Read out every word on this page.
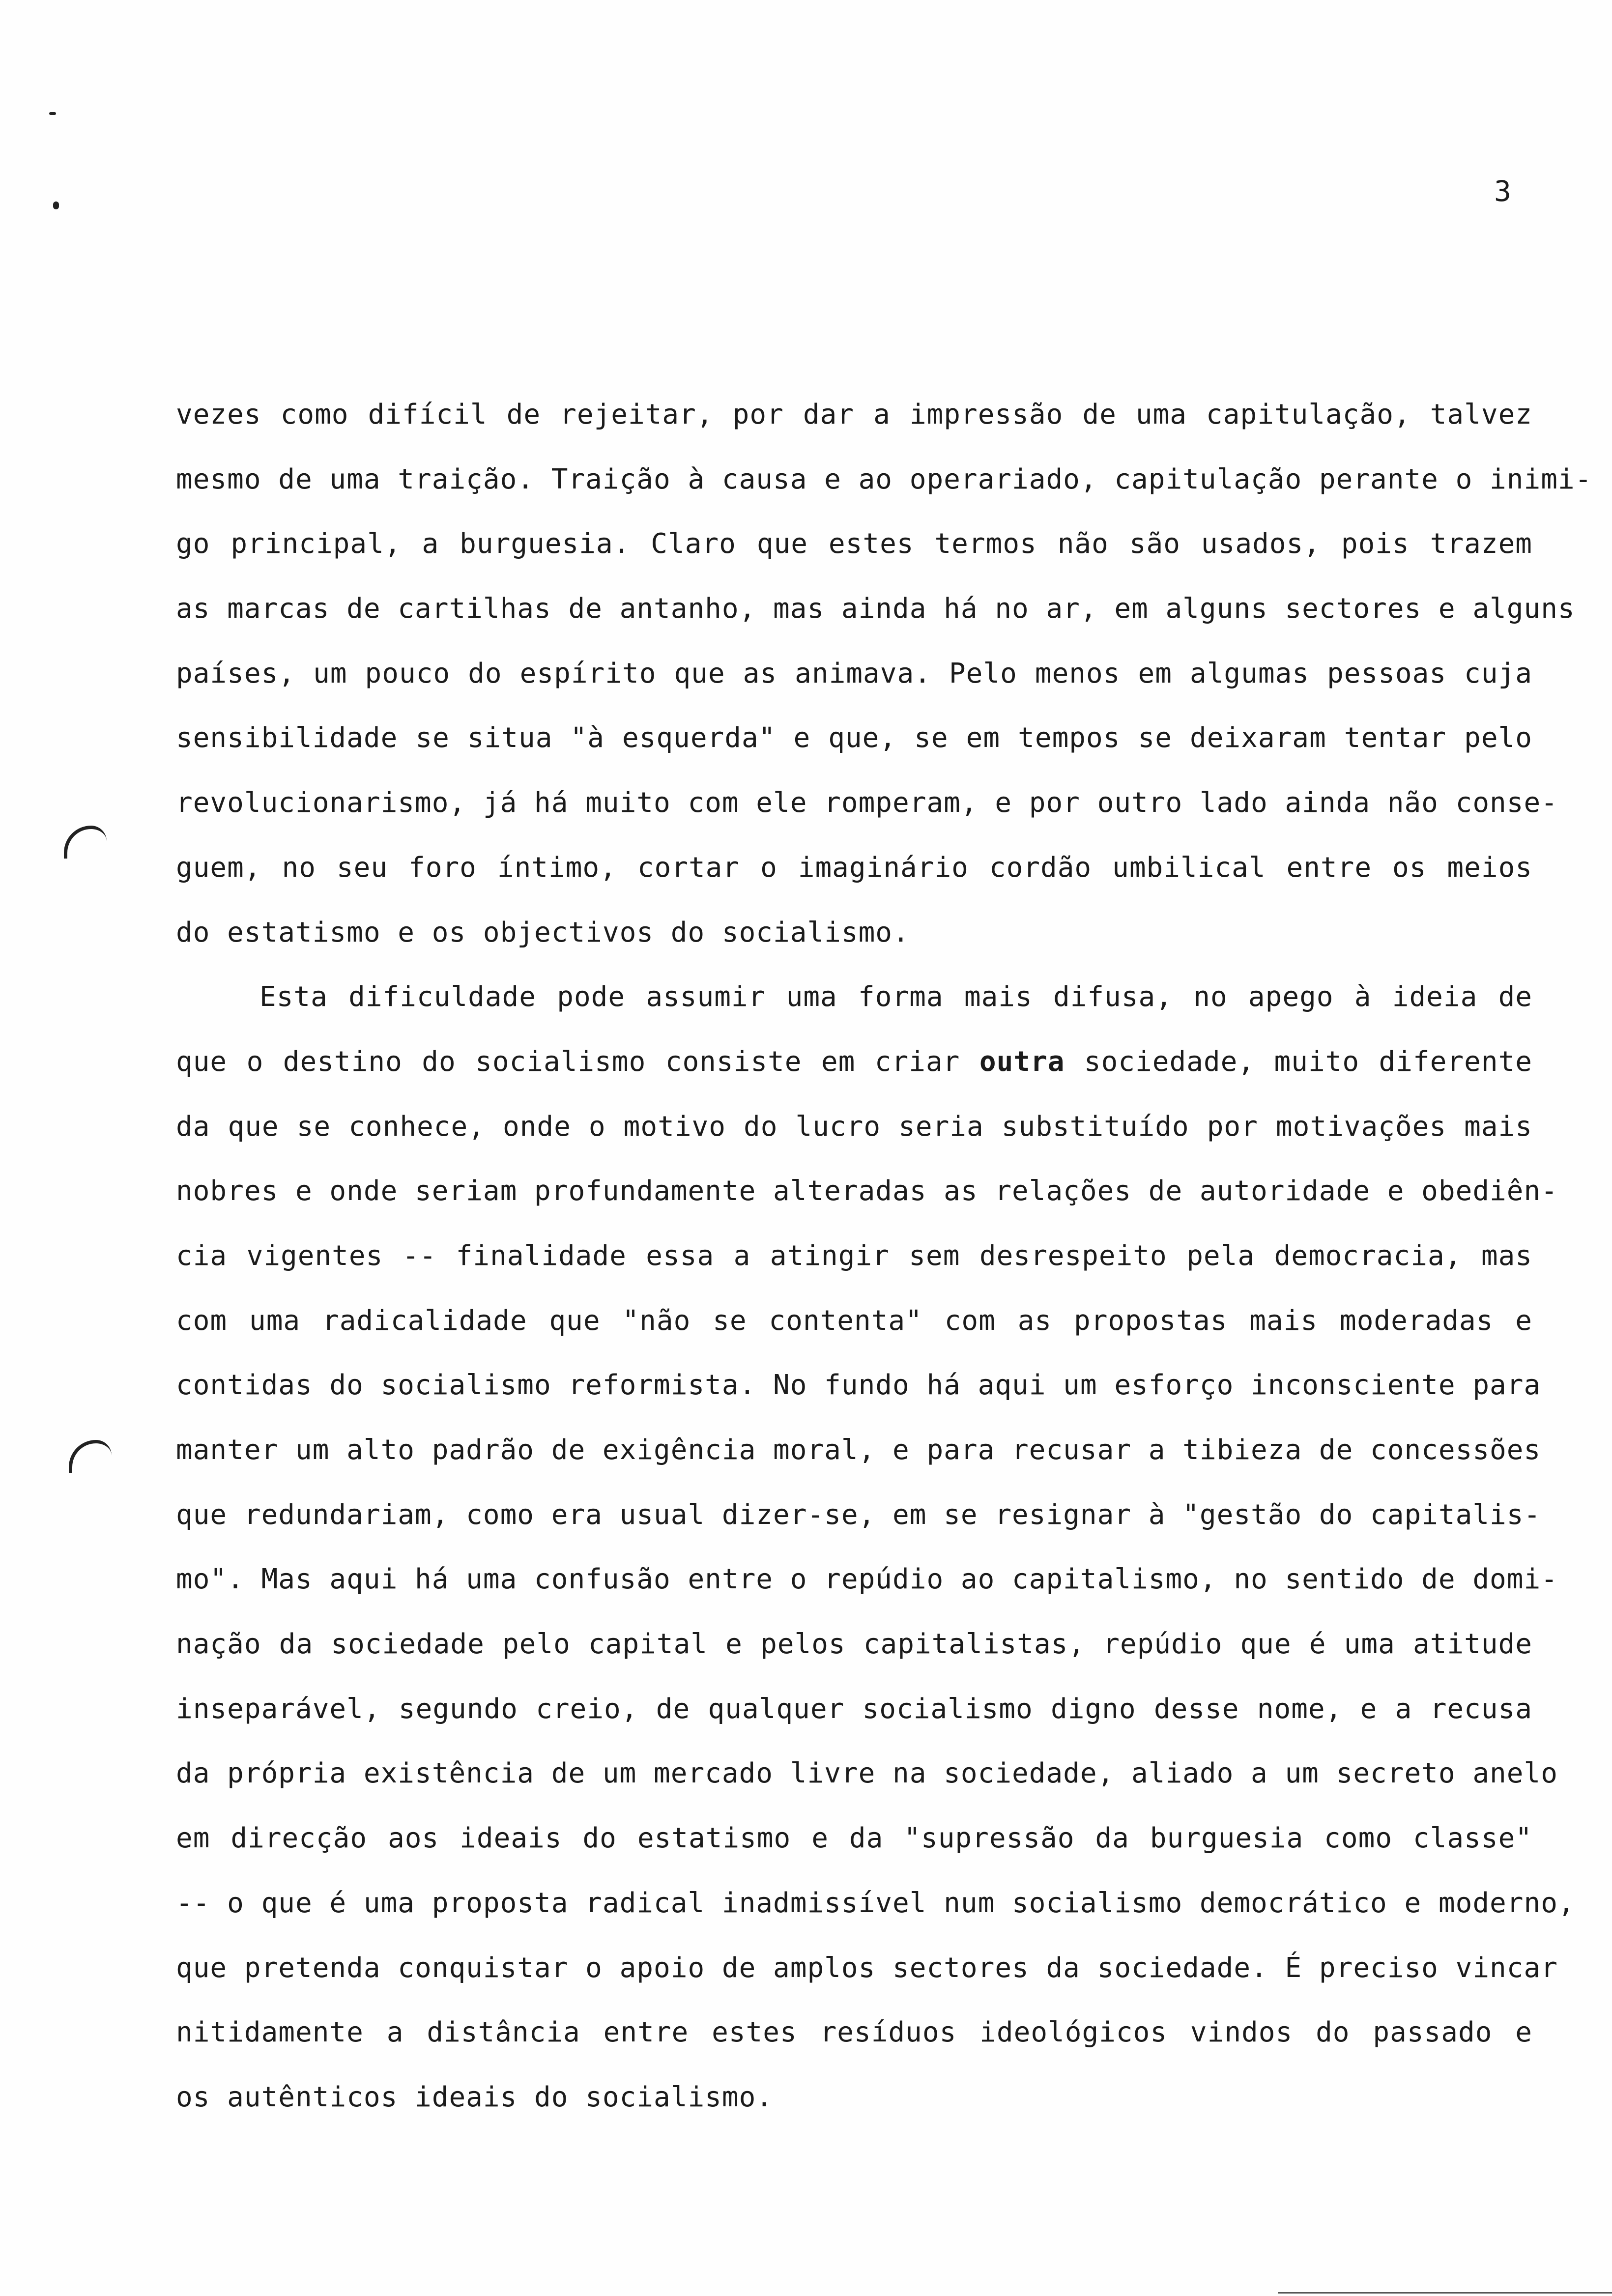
3

vezes como difícil de rejeitar, por dar a impressão de uma capitulação, talvez
mesmo de uma traição. Traição à causa e ao operariado, capitulação perante o inimi-
go principal, a burguesia. Claro que estes termos não são usados, pois trazem
as marcas de cartilhas de antanho, mas ainda há no ar, em alguns sectores e alguns
países, um pouco do espírito que as animava. Pelo menos em algumas pessoas cuja
sensibilidade se situa "à esquerda" e que, se em tempos se deixaram tentar pelo
revolucionarismo, já há muito com ele romperam, e por outro lado ainda não conse-
guem, no seu foro íntimo, cortar o imaginário cordão umbilical entre os meios
do estatismo e os objectivos do socialismo.

Esta dificuldade pode assumir uma forma mais difusa, no apego à ideia de
que o destino do socialismo consiste em criar outra sociedade, muito diferente
da que se conhece, onde o motivo do lucro seria substituído por motivações mais
nobres e onde seriam profundamente alteradas as relações de autoridade e obediên-
cia vigentes -- finalidade essa a atingir sem desrespeito pela democracia, mas
com uma radicalidade que "não se contenta" com as propostas mais moderadas e
contidas do socialismo reformista. No fundo há aqui um esforço inconsciente para
manter um alto padrão de exigência moral, e para recusar a tibieza de concessões
que redundariam, como era usual dizer-se, em se resignar à "gestão do capitalis-
mo". Mas aqui há uma confusão entre o repúdio ao capitalismo, no sentido de domi-
nação da sociedade pelo capital e pelos capitalistas, repúdio que é uma atitude
inseparável, segundo creio, de qualquer socialismo digno desse nome, e a recusa
da própria existência de um mercado livre na sociedade, aliado a um secreto anelo
em direcção aos ideais do estatismo e da "supressão da burguesia como classe"
-- o que é uma proposta radical inadmissível num socialismo democrático e moderno,
que pretenda conquistar o apoio de amplos sectores da sociedade. É preciso vincar
nitidamente a distância entre estes resíduos ideológicos vindos do passado e
os autênticos ideais do socialismo.
